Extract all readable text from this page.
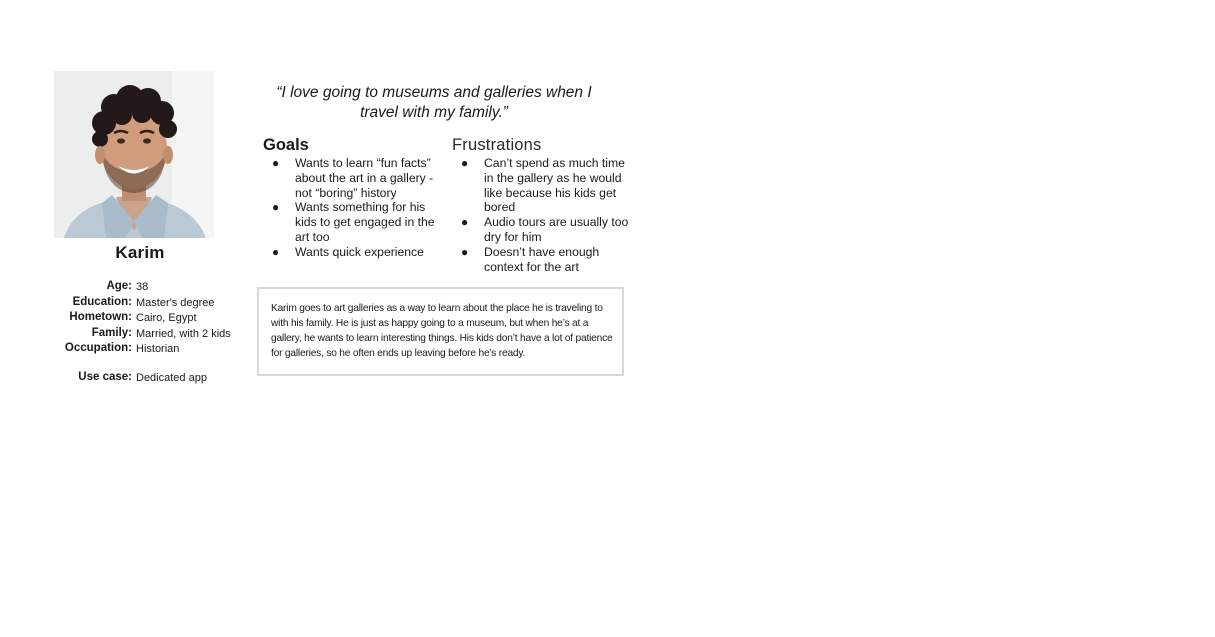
Karim
Age: 38
Education: Master's degree
Hometown: Cairo, Egypt
Family: Married, with 2 kids
Occupation: Historian
Use case: Dedicated app
“I love going to museums and galleries when I travel with my family.”
Goals
● Wants to learn “fun facts” about the art in a gallery - not “boring” history
● Wants something for his kids to get engaged in the art too
● Wants quick experience
Frustrations
● Can’t spend as much time in the gallery as he would like because his kids get bored
● Audio tours are usually too dry for him
● Doesn’t have enough context for the art
Karim goes to art galleries as a way to learn about the place he is traveling to with his family. He is just as happy going to a museum, but when he’s at a gallery, he wants to learn interesting things. His kids don’t have a lot of patience for galleries, so he often ends up leaving before he’s ready.
